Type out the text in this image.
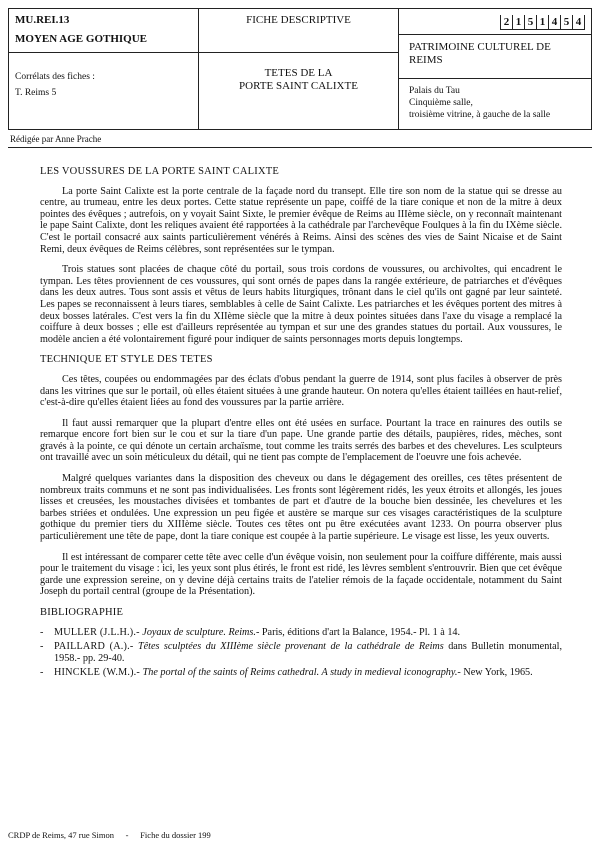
MU.REI.13
MOYEN AGE GOTHIQUE
Corrélats des fiches :
T. Reims 5
FICHE DESCRIPTIVE
TETES DE LA
PORTE SAINT CALIXTE
2 1 5 1 4 5 4
PATRIMOINE CULTUREL DE REIMS
Palais du Tau
Cinquième salle,
troisième vitrine, à gauche de la salle
Rédigée par Anne Prache
LES VOUSSURES DE LA PORTE SAINT CALIXTE

La porte Saint Calixte est la porte centrale de la façade nord du transept. Elle tire son nom de la statue qui se dresse au centre, au trumeau, entre les deux portes. Cette statue représente un pape, coiffé de la tiare conique et non de la mitre à deux pointes des évêques ; autrefois, on y voyait Saint Sixte, le premier évêque de Reims au IIIème siècle, on y reconnaît maintenant le pape Saint Calixte, dont les reliques avaient été rapportées à la cathédrale par l'archevêque Foulques à la fin du IXème siècle. C'est le portail consacré aux saints particulièrement vénérés à Reims. Ainsi des scènes des vies de Saint Nicaise et de Saint Remi, deux évêques de Reims célèbres, sont représentées sur le tympan.

Trois statues sont placées de chaque côté du portail, sous trois cordons de voussures, ou archivoltes, qui encadrent le tympan. Les têtes proviennent de ces voussures, qui sont ornés de papes dans la rangée extérieure, de patriarches et d'évêques dans les deux autres. Tous sont assis et vêtus de leurs habits liturgiques, trônant dans le ciel qu'ils ont gagné par leur sainteté. Les papes se reconnaissent à leurs tiares, semblables à celle de Saint Calixte. Les patriarches et les évêques portent des mitres à deux bosses latérales. C'est vers la fin du XIIème siècle que la mitre à deux pointes situées dans l'axe du visage a remplacé la coiffure à deux bosses ; elle est d'ailleurs représentée au tympan et sur une des grandes statues du portail. Aux voussures, le modèle ancien a été volontairement figuré pour indiquer de saints personnages morts depuis longtemps.

TECHNIQUE ET STYLE DES TETES

Ces têtes, coupées ou endommagées par des éclats d'obus pendant la guerre de 1914, sont plus faciles à observer de près dans les vitrines que sur le portail, où elles étaient situées à une grande hauteur. On notera qu'elles étaient taillées en haut-relief, c'est-à-dire qu'elles étaient liées au fond des voussures par la partie arrière.

Il faut aussi remarquer que la plupart d'entre elles ont été usées en surface. Pourtant la trace en rainures des outils se remarque encore fort bien sur le cou et sur la tiare d'un pape. Une grande partie des détails, paupières, rides, mèches, sont gravés à la pointe, ce qui dénote un certain archaïsme, tout comme les traits serrés des barbes et des chevelures. Les sculpteurs ont travaillé avec un soin méticuleux du détail, qui ne tient pas compte de l'emplacement de l'oeuvre une fois achevée.

Malgré quelques variantes dans la disposition des cheveux ou dans le dégagement des oreilles, ces têtes présentent de nombreux traits communs et ne sont pas individualisées. Les fronts sont légèrement ridés, les yeux étroits et allongés, les joues lisses et creusées, les moustaches divisées et tombantes de part et d'autre de la bouche bien dessinée, les chevelures et les barbes striées et ondulées. Une expression un peu figée et austère se marque sur ces visages caractéristiques de la sculpture gothique du premier tiers du XIIIème siècle. Toutes ces têtes ont pu être exécutées avant 1233. On pourra observer plus particulièrement une tête de pape, dont la tiare conique est coupée à la partie supérieure. Le visage est lisse, les yeux ouverts.

Il est intéressant de comparer cette tête avec celle d'un évêque voisin, non seulement pour la coiffure différente, mais aussi pour le traitement du visage : ici, les yeux sont plus étirés, le front est ridé, les lèvres semblent s'entrouvrir. Bien que cet évêque garde une expression sereine, on y devine déjà certains traits de l'atelier rémois de la façade occidentale, notamment du Saint Joseph du portail central (groupe de la Présentation).

BIBLIOGRAPHIE
- MULLER (J.L.H.).- Joyaux de sculpture. Reims.- Paris, éditions d'art la Balance, 1954.- Pl. 1 à 14.
- PAILLARD (A.).- Têtes sculptées du XIIIème siècle provenant de la cathédrale de Reims dans Bulletin monumental, 1958.- pp. 29-40.
- HINCKLE (W.M.).- The portal of the saints of Reims cathedral. A study in medieval iconography.- New York, 1965.
CRDP de Reims, 47 rue Simon - Fiche du dossier 199
